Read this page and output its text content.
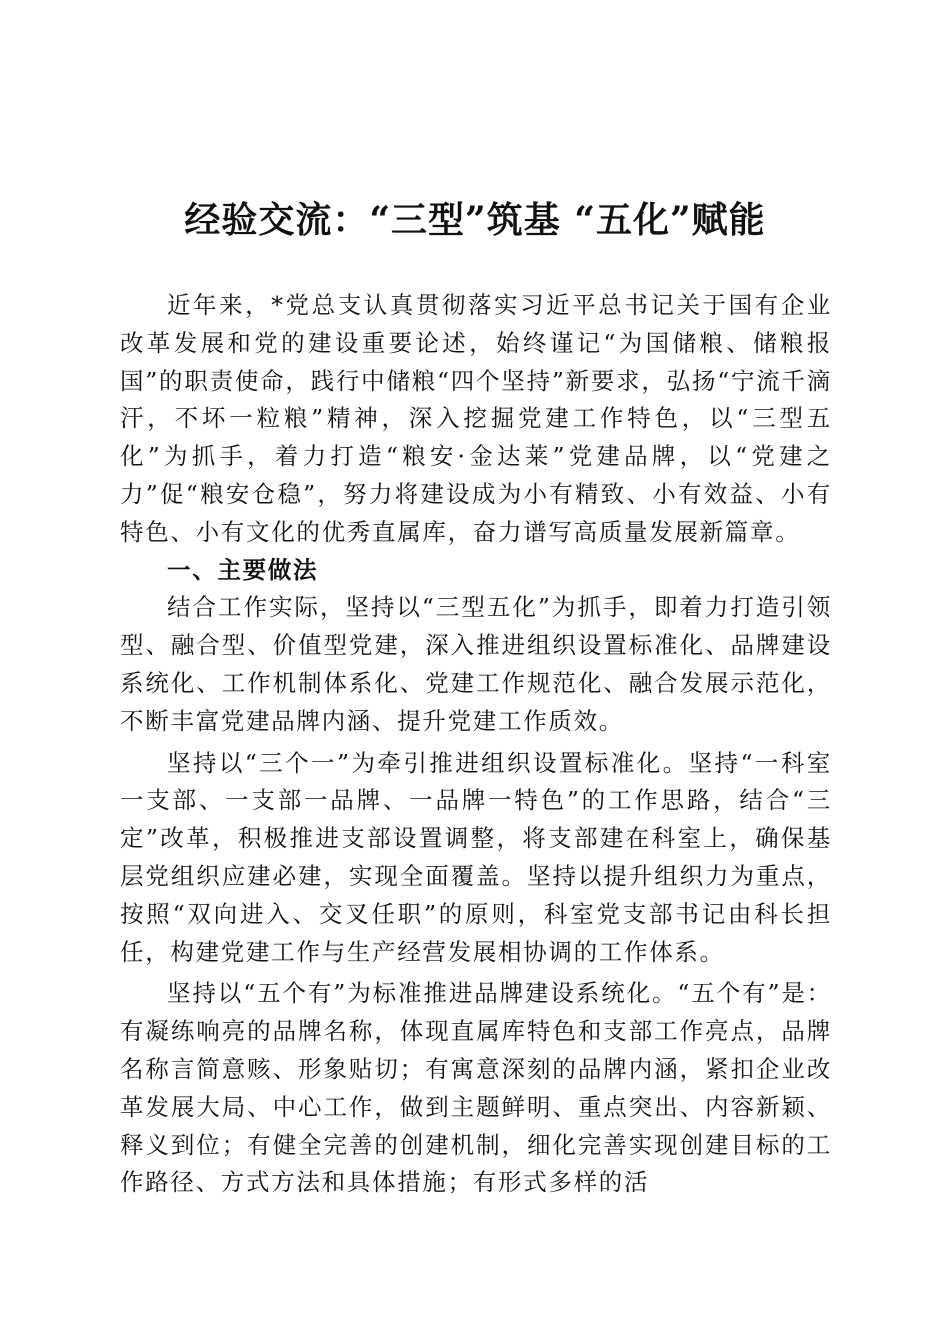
经验交流：“三型”筑基 “五化”赋能

近年来，*党总支认真贯彻落实习近平总书记关于国有企业改革发展和党的建设重要论述，始终谨记“为国储粮、储粮报国”的职责使命，践行中储粮“四个坚持”新要求，弘扬“宁流千滴汗，不坏一粒粮”精神，深入挖掘党建工作特色，以“三型五化”为抓手，着力打造“粮安·金达莱”党建品牌，以“党建之力”促“粮安仓稳”，努力将建设成为小有精致、小有效益、小有特色、小有文化的优秀直属库，奋力谱写高质量发展新篇章。

一、主要做法

结合工作实际，坚持以“三型五化”为抓手，即着力打造引领型、融合型、价值型党建，深入推进组织设置标准化、品牌建设系统化、工作机制体系化、党建工作规范化、融合发展示范化，不断丰富党建品牌内涵、提升党建工作质效。

坚持以“三个一”为牵引推进组织设置标准化。坚持“一科室一支部、一支部一品牌、一品牌一特色”的工作思路，结合“三定”改革，积极推进支部设置调整，将支部建在科室上，确保基层党组织应建必建，实现全面覆盖。坚持以提升组织力为重点，按照“双向进入、交叉任职”的原则，科室党支部书记由科长担任，构建党建工作与生产经营发展相协调的工作体系。

坚持以“五个有”为标准推进品牌建设系统化。“五个有”是：有凝练响亮的品牌名称，体现直属库特色和支部工作亮点，品牌名称言简意赅、形象贴切；有寓意深刻的品牌内涵，紧扣企业改革发展大局、中心工作，做到主题鲜明、重点突出、内容新颖、释义到位；有健全完善的创建机制，细化完善实现创建目标的工作路径、方式方法和具体措施；有形式多样的活
